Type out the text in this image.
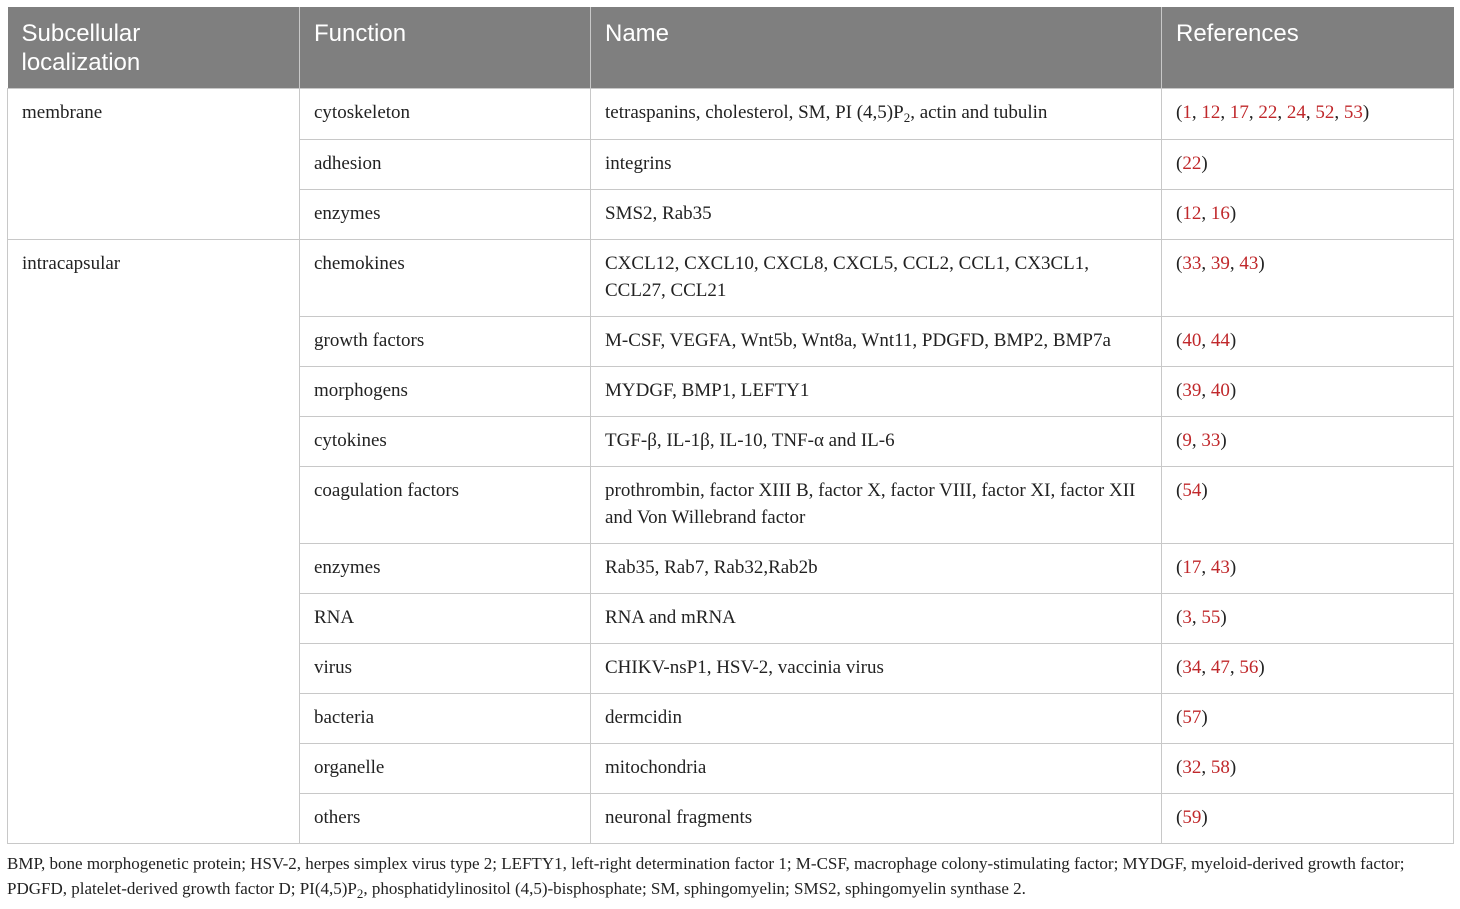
Subcellular localization	Function	Name	References
membrane	cytoskeleton	tetraspanins, cholesterol, SM, PI $(4,5)P_2$, actin and tubulin	(1, 12, 17, 22, 24, 52, 53)
	adhesion	integrins	(22)
	enzymes	SMS2, Rab35	(12, 16)
intracapsular	chemokines	CXCL12, CXCL10, CXCL8, CXCL5, CCL2, CCL1, CX3CL1, CCL27, CCL21	(33, 39, 43)
	growth factors	M-CSF, VEGFA, Wnt5b, Wnt8a, Wnt11, PDGFD, BMP2, BMP7a	(40, 44)
	morphogens	MYDGF, BMP1, LEFTY1	(39, 40)
	cytokines	TGF-β, IL-1β, IL-10, TNF-α and IL-6	(9, 33)
	coagulation factors	prothrombin, factor XIII B, factor X, factor VIII, factor XI, factor XII and Von Willebrand factor	(54)
	enzymes	Rab35, Rab7, Rab32,Rab2b	(17, 43)
	RNA	RNA and mRNA	(3, 55)
	virus	CHIKV-nsP1, HSV-2, vaccinia virus	(34, 47, 56)
	bacteria	dermcidin	(57)
	organelle	mitochondria	(32, 58)
	others	neuronal fragments	(59)
BMP, bone morphogenetic protein; HSV-2, herpes simplex virus type 2; LEFTY1, left-right determination factor 1; M-CSF, macrophage colony-stimulating factor; MYDGF, myeloid-derived growth factor; PDGFD, platelet-derived growth factor D; $PI(4,5)P_2$, phosphatidylinositol (4,5)-bisphosphate; SM, sphingomyelin; SMS2, sphingomyelin synthase 2.
